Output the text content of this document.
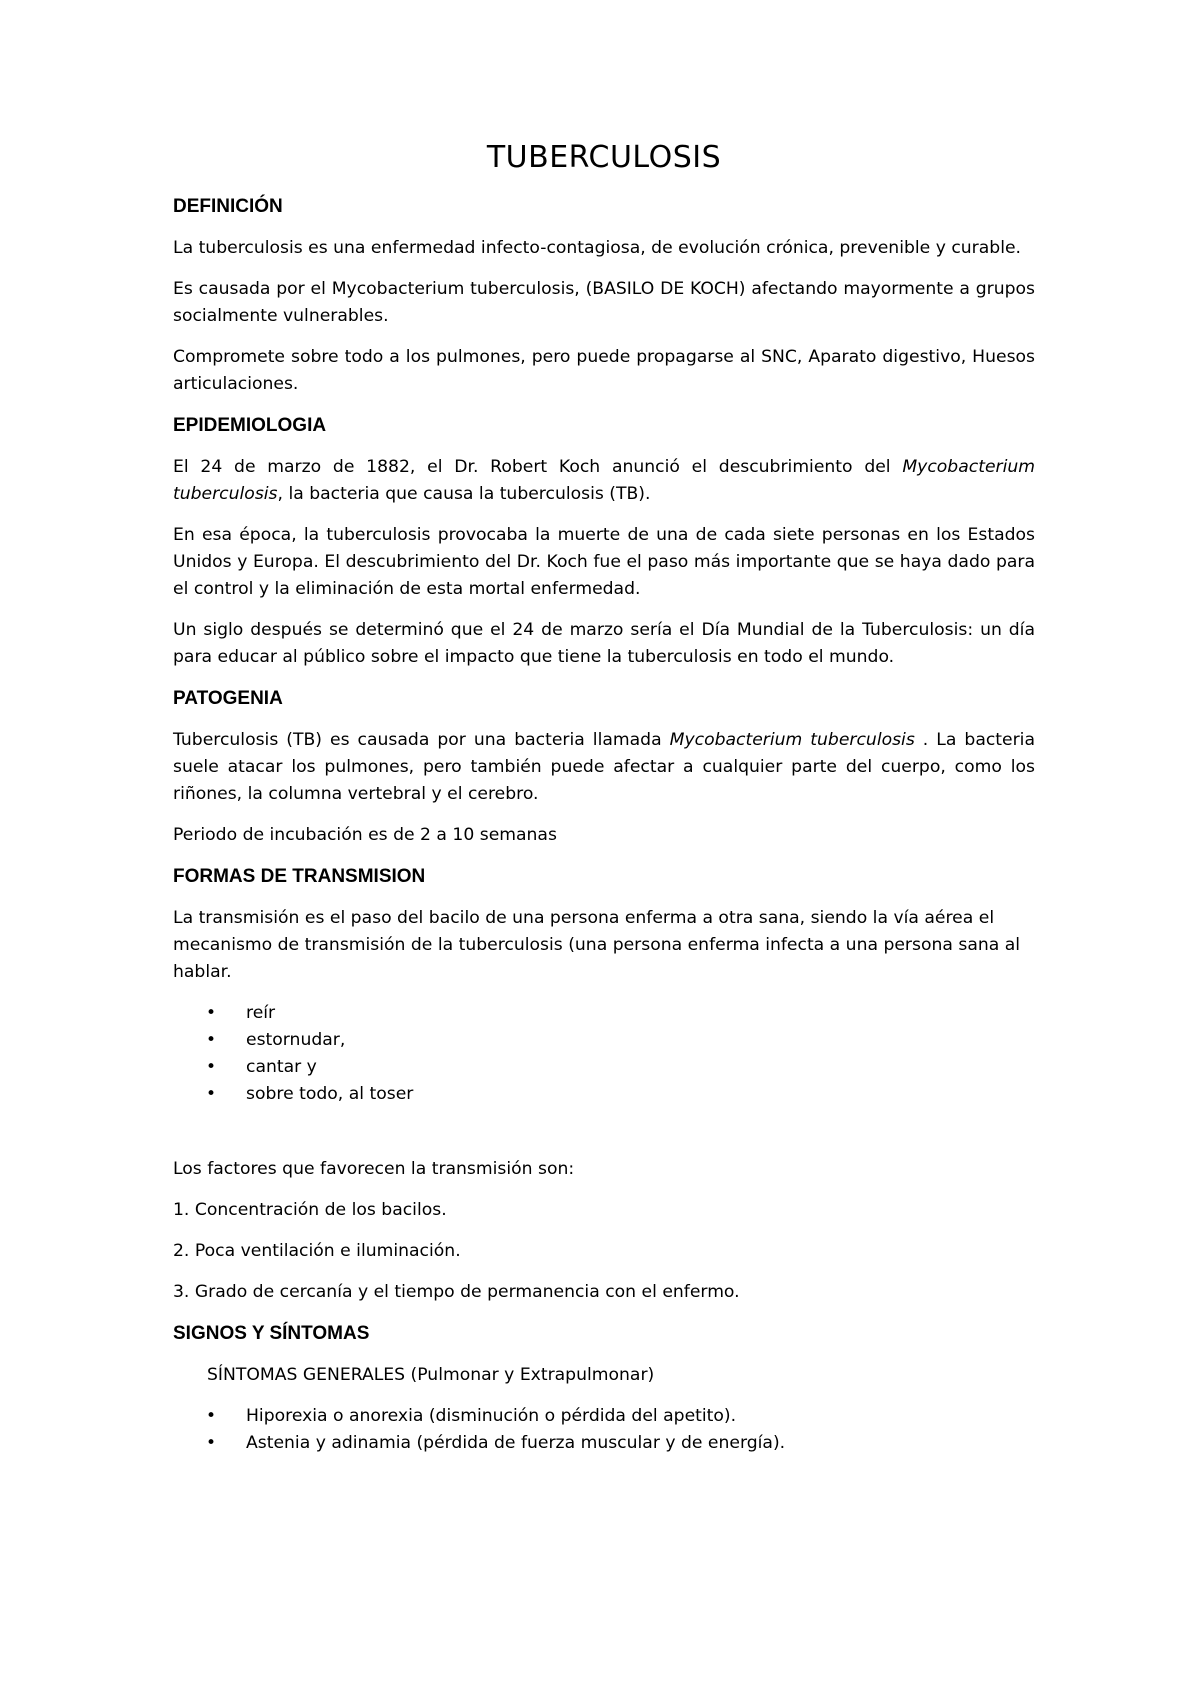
TUBERCULOSIS
DEFINICIÓN

La tuberculosis es una enfermedad infecto-contagiosa, de evolución crónica, prevenible y curable.

Es causada por el Mycobacterium tuberculosis, (BASILO DE KOCH) afectando mayormente a grupos socialmente vulnerables.

Compromete sobre todo a los pulmones, pero puede propagarse al SNC, Aparato digestivo, Huesos articulaciones.

EPIDEMIOLOGIA

El 24 de marzo de 1882, el Dr. Robert Koch anunció el descubrimiento del Mycobacterium tuberculosis, la bacteria que causa la tuberculosis (TB).

En esa época, la tuberculosis provocaba la muerte de una de cada siete personas en los Estados Unidos y Europa. El descubrimiento del Dr. Koch fue el paso más importante que se haya dado para el control y la eliminación de esta mortal enfermedad.

Un siglo después se determinó que el 24 de marzo sería el Día Mundial de la Tuberculosis: un día para educar al público sobre el impacto que tiene la tuberculosis en todo el mundo.

PATOGENIA

Tuberculosis (TB) es causada por una bacteria llamada Mycobacterium tuberculosis . La bacteria suele atacar los pulmones, pero también puede afectar a cualquier parte del cuerpo, como los riñones, la columna vertebral y el cerebro.

Periodo de incubación es de 2 a 10 semanas

FORMAS DE TRANSMISION

La transmisión es el paso del bacilo de una persona enferma a otra sana, siendo la vía aérea el mecanismo de transmisión de la tuberculosis (una persona enferma infecta a una persona sana al hablar.

• reír
• estornudar,
• cantar y
• sobre todo, al toser

Los factores que favorecen la transmisión son:

1. Concentración de los bacilos.

2. Poca ventilación e iluminación.

3. Grado de cercanía y el tiempo de permanencia con el enfermo.

SIGNOS Y SÍNTOMAS

SÍNTOMAS GENERALES (Pulmonar y Extrapulmonar)

• Hiporexia o anorexia (disminución o pérdida del apetito).
• Astenia y adinamia (pérdida de fuerza muscular y de energía).
